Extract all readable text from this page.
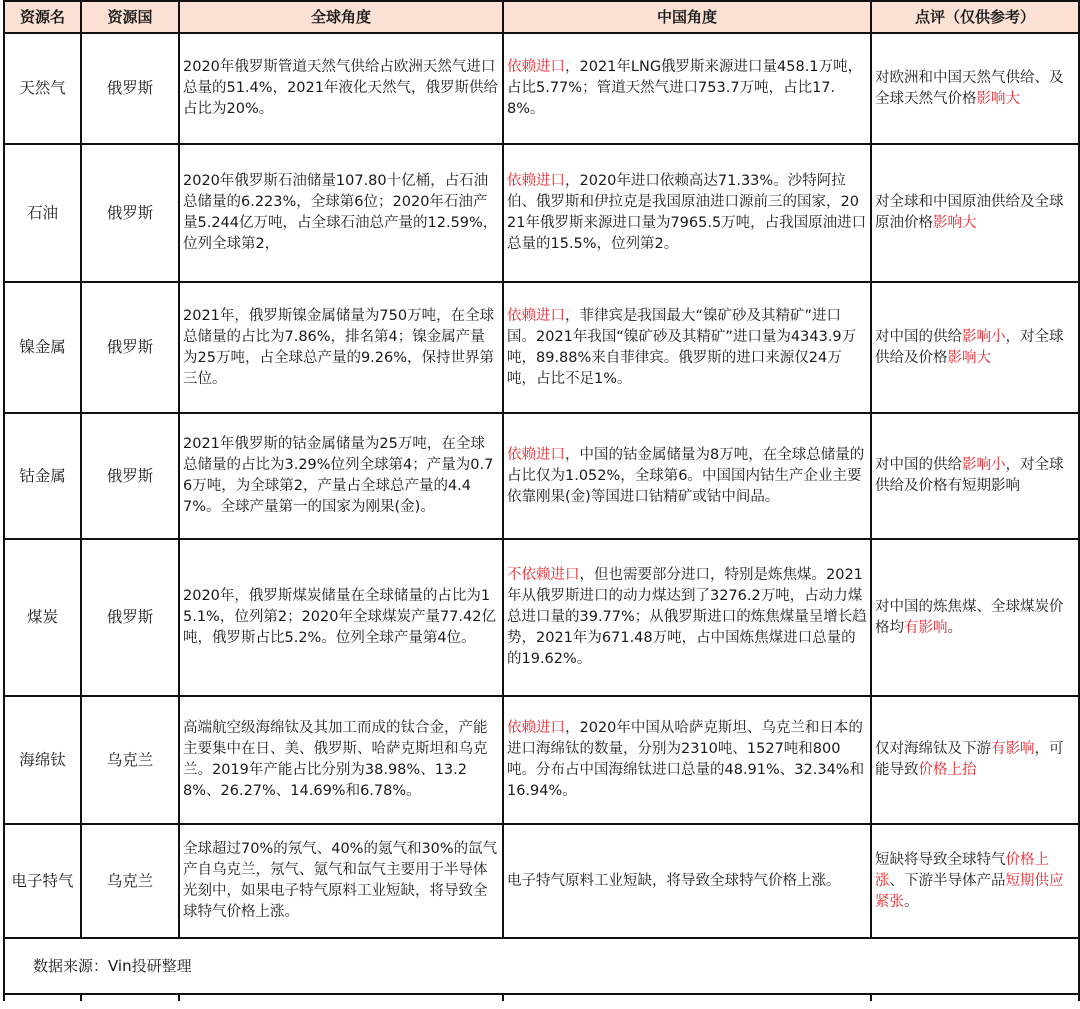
资源名	资源国	全球角度	中国角度	点评（仅供参考）
天然气	俄罗斯	2020年俄罗斯管道天然气供给占欧洲天然气进口总量的51.4%，2021年液化天然气，俄罗斯供给占比为20%。	依赖进口，2021年LNG俄罗斯来源进口量458.1万吨，占比5.77%；管道天然气进口753.7万吨，占比17.8%。	对欧洲和中国天然气供给、及全球天然气价格影响大
石油	俄罗斯	2020年俄罗斯石油储量107.80十亿桶，占石油总储量的6.223%，全球第6位；2020年石油产量5.244亿万吨，占全球石油总产量的12.59%，位列全球第2，	依赖进口，2020年进口依赖高达71.33%。沙特阿拉伯、俄罗斯和伊拉克是我国原油进口源前三的国家，2021年俄罗斯来源进口量为7965.5万吨，占我国原油进口总量的15.5%，位列第2。	对全球和中国原油供给及全球原油价格影响大
镍金属	俄罗斯	2021年，俄罗斯镍金属储量为750万吨，在全球总储量的占比为7.86%，排名第4；镍金属产量为25万吨，占全球总产量的9.26%，保持世界第三位。	依赖进口，菲律宾是我国最大“镍矿砂及其精矿”进口国。2021年我国“镍矿砂及其精矿”进口量为4343.9万吨，89.88%来自菲律宾。俄罗斯的进口来源仅24万吨，占比不足1%。	对中国的供给影响小，对全球供给及价格影响大
钴金属	俄罗斯	2021年俄罗斯的钴金属储量为25万吨，在全球总储量的占比为3.29%位列全球第4；产量为0.76万吨，为全球第2，产量占全球总产量的4.47%。全球产量第一的国家为刚果(金)。	依赖进口，中国的钴金属储量为8万吨，在全球总储量的占比仅为1.052%，全球第6。中国国内钴生产企业主要依靠刚果(金)等国进口钴精矿或钴中间品。	对中国的供给影响小，对全球供给及价格有短期影响
煤炭	俄罗斯	2020年，俄罗斯煤炭储量在全球储量的占比为15.1%，位列第2；2020年全球煤炭产量77.42亿吨，俄罗斯占比5.2%。位列全球产量第4位。	不依赖进口，但也需要部分进口，特别是炼焦煤。2021年从俄罗斯进口的动力煤达到了3276.2万吨，占动力煤总进口量的39.77%；从俄罗斯进口的炼焦煤量呈增长趋势，2021年为671.48万吨，占中国炼焦煤进口总量的的19.62%。	对中国的炼焦煤、全球煤炭价格均有影响。
海绵钛	乌克兰	高端航空级海绵钛及其加工而成的钛合金，产能主要集中在日、美、俄罗斯、哈萨克斯坦和乌克兰。2019年产能占比分别为38.98%、13.28%、26.27%、14.69%和6.78%。	依赖进口，2020年中国从哈萨克斯坦、乌克兰和日本的进口海绵钛的数量，分别为2310吨、1527吨和800吨。分布占中国海绵钛进口总量的48.91%、32.34%和16.94%。	仅对海绵钛及下游有影响，可能导致价格上抬
电子特气	乌克兰	全球超过70%的氖气、40%的氪气和30%的氙气产自乌克兰，氖气、氪气和氙气主要用于半导体光刻中，如果电子特气原料工业短缺，将导致全球特气价格上涨。	电子特气原料工业短缺，将导致全球特气价格上涨。	短缺将导致全球特气价格上涨、下游半导体产品短期供应紧张。
数据来源：Vin投研整理				
